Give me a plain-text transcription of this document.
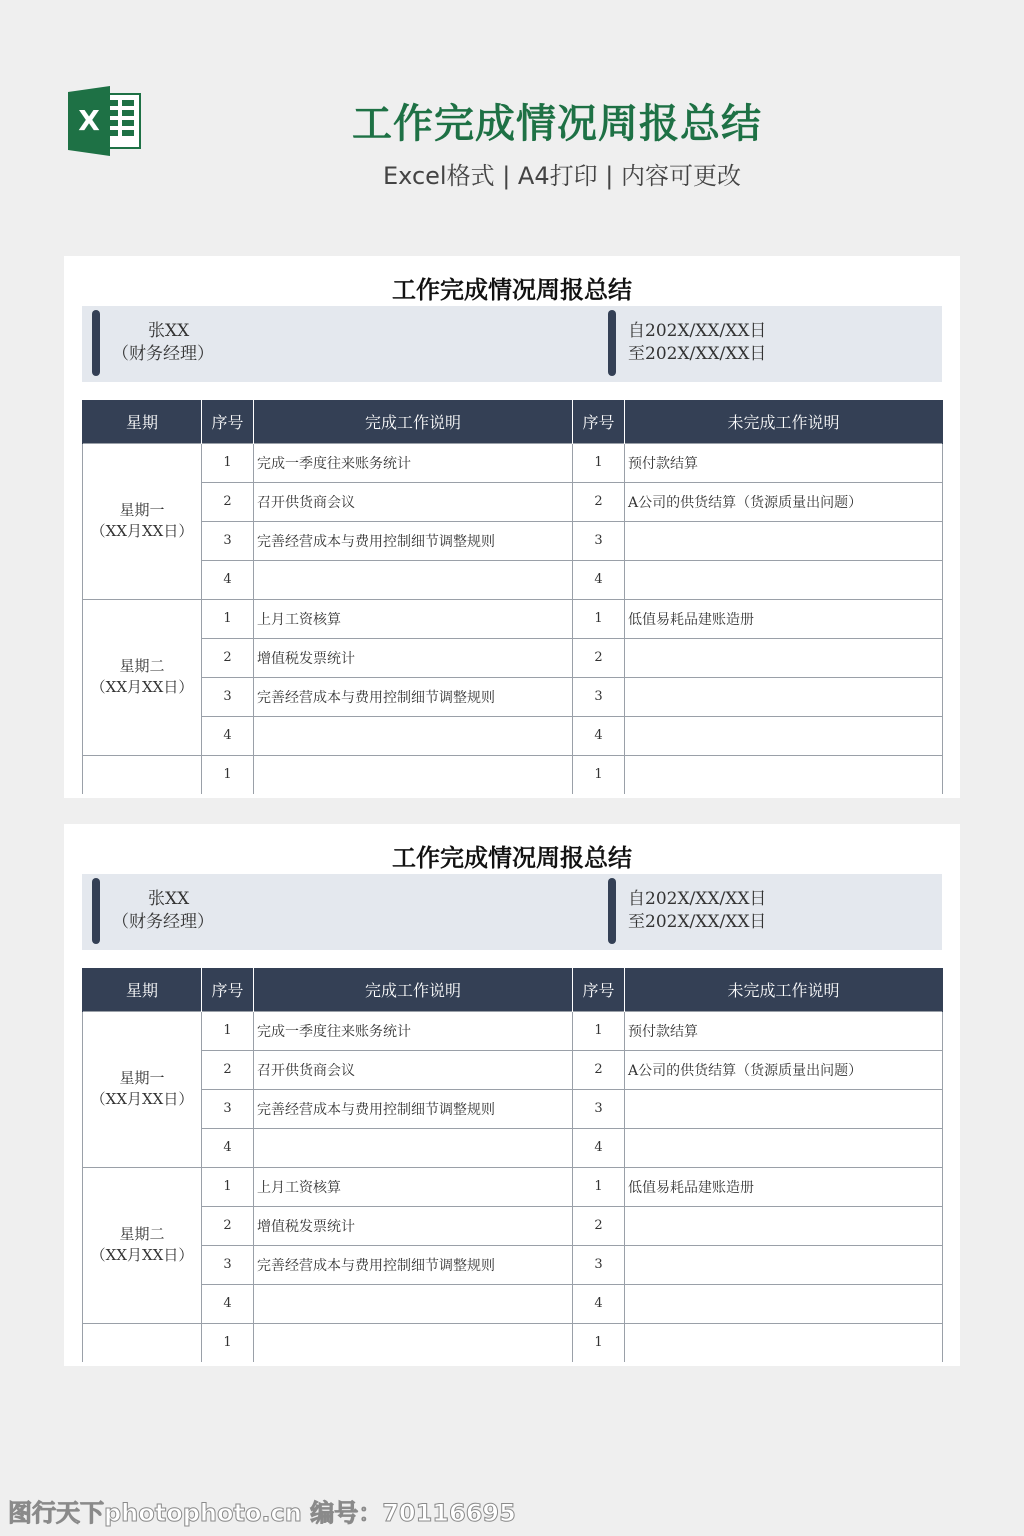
X	工作完成情况周报总结
Excel格式 | A4打印 | 内容可更改
工作完成情况周报总结
张XX
（财务经理）
自202X/XX/XX日
至202X/XX/XX日
星期	序号	完成工作说明	序号	未完成工作说明

星期一
（XX月XX日）	1	完成一季度往来账务统计	1	预付款结算
	2	召开供货商会议	2	A公司的供货结算（货源质量出问题）
	3	完善经营成本与费用控制细节调整规则	3	
	4		4	

星期二
（XX月XX日）	1	上月工资核算	1	低值易耗品建账造册
	2	增值税发票统计	2	
	3	完善经营成本与费用控制细节调整规则	3	
	4		4	
	1		1	
工作完成情况周报总结
张XX
（财务经理）
自202X/XX/XX日
至202X/XX/XX日
星期	序号	完成工作说明	序号	未完成工作说明

星期一
（XX月XX日）	1	完成一季度往来账务统计	1	预付款结算
	2	召开供货商会议	2	A公司的供货结算（货源质量出问题）
	3	完善经营成本与费用控制细节调整规则	3	
	4		4	

星期二
（XX月XX日）	1	上月工资核算	1	低值易耗品建账造册
	2	增值税发票统计	2	
	3	完善经营成本与费用控制细节调整规则	3	
	4		4	
	1		1	
图行天下photophoto.cn 编号：70116695
